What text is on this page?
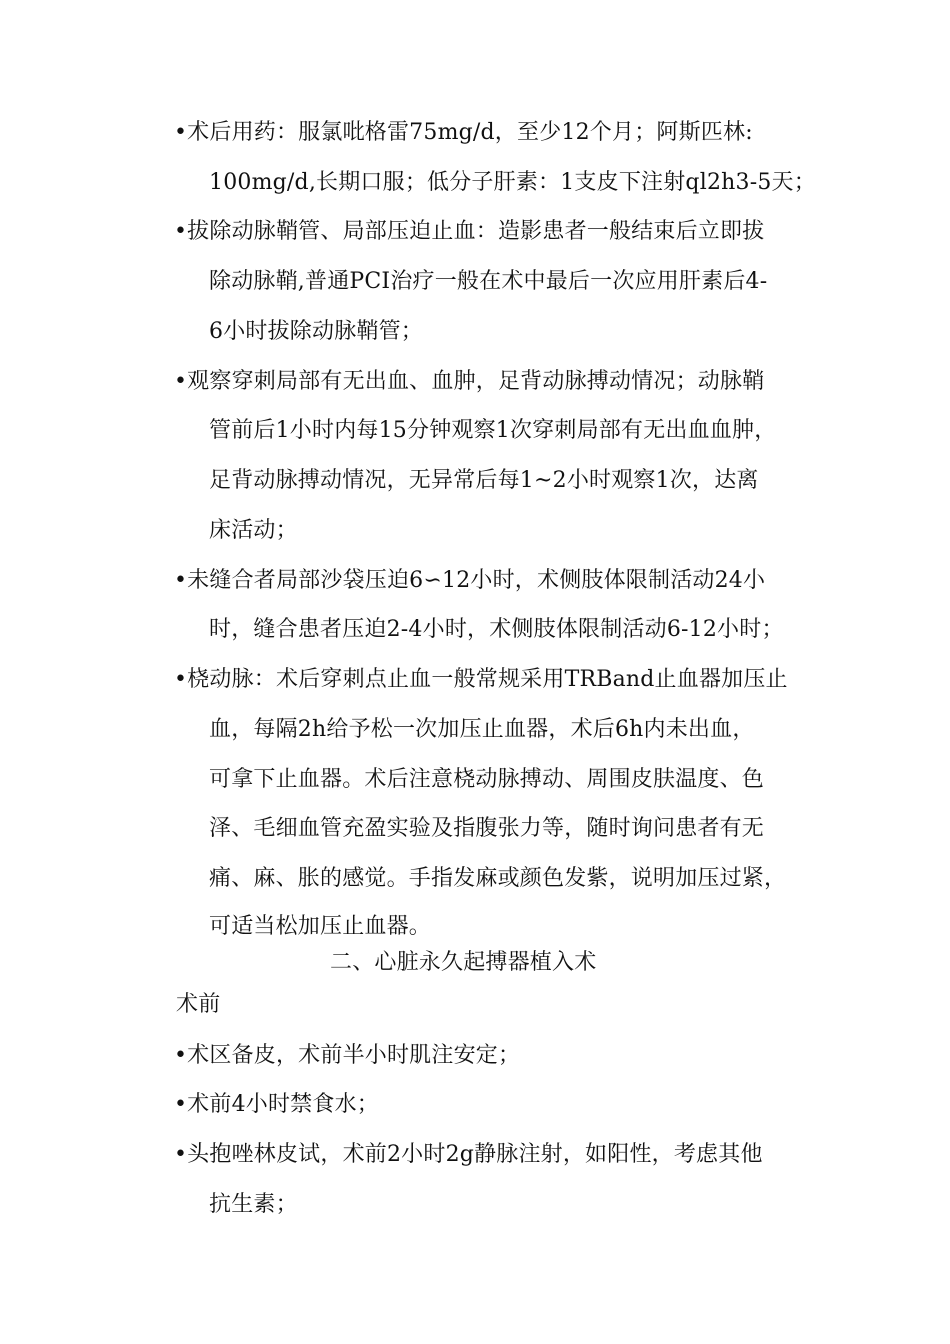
•术后用药：服氯吡格雷75mg/d，至少12个月；阿斯匹林:
100mg/d,长期口服；低分子肝素：1支皮下注射ql2h3-5天；
•拔除动脉鞘管、局部压迫止血：造影患者一般结束后立即拔
除动脉鞘,普通PCI治疗一般在术中最后一次应用肝素后4-
6小时拔除动脉鞘管；
•观察穿刺局部有无出血、血肿，足背动脉搏动情况；动脉鞘
管前后1小时内每15分钟观察1次穿刺局部有无出血血肿，
足背动脉搏动情况，无异常后每1~2小时观察1次，达离
床活动；
•未缝合者局部沙袋压迫6∽12小时，术侧肢体限制活动24小
时，缝合患者压迫2-4小时，术侧肢体限制活动6-12小时；
•桡动脉：术后穿刺点止血一般常规采用TRBand止血器加压止
血，每隔2h给予松一次加压止血器，术后6h内未出血，
可拿下止血器。术后注意桡动脉搏动、周围皮肤温度、色
泽、毛细血管充盈实验及指腹张力等，随时询问患者有无
痛、麻、胀的感觉。手指发麻或颜色发紫，说明加压过紧，
可适当松加压止血器。
二、心脏永久起搏器植入术
术前
•术区备皮，术前半小时肌注安定；
•术前4小时禁食水；
•头抱唑林皮试，术前2小时2g静脉注射，如阳性，考虑其他
抗生素；
